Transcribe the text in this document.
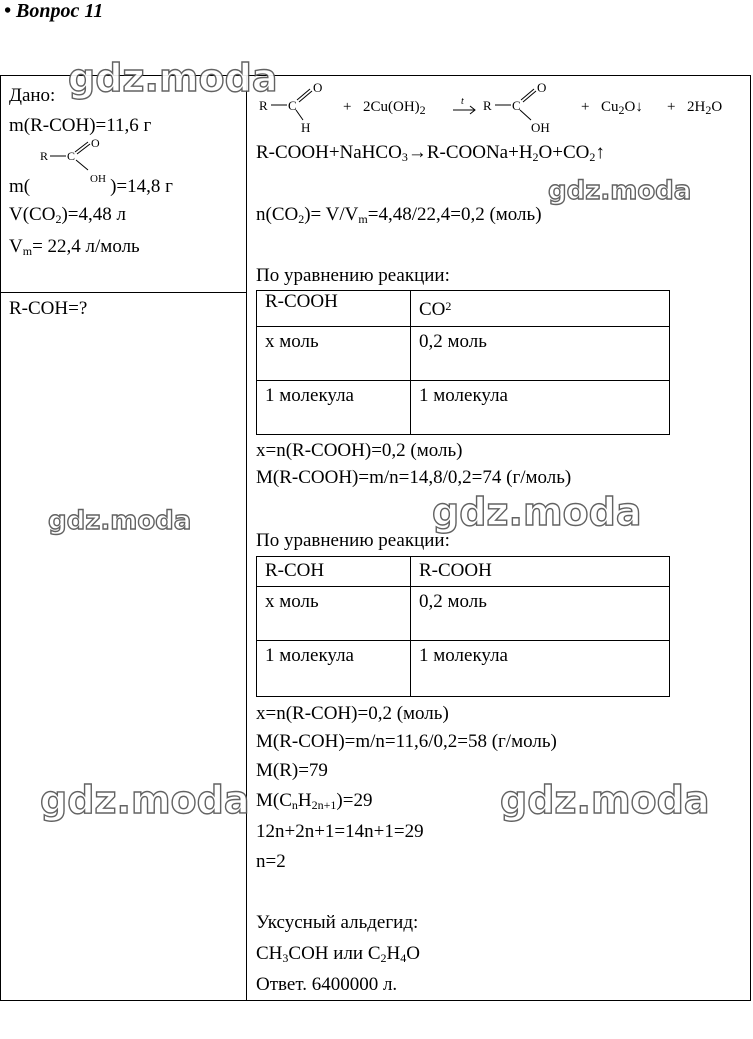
• Вопрос 11
Дано:
m(R-COH)=11,6 г
m(	)=14,8 г
R C
O
OH
$V(CO_2)=4,48$ л
$V_m= 22,4$ л/моль
R-COH=?
R C
O
H
+ $2Cu(OH)_2$
t R C
O
OH
+ $Cu_2O↓ + 2H_2O$
$R-COOH+NaHCO_3\to R-COONa+H_2O+CO_2↑$
$n(CO_2)= V/V_m=4,48/22,4=0,2$ (моль)
По уравнению реакции:
R-COOH	$CO^2$
x моль	0,2 моль
1 молекула	1 молекула
x=n(R-COOH)=0,2 (моль)
M(R-COOH)=m/n=14,8/0,2=74 (г/моль)
По уравнению реакции:
R-COH	R-COOH
x моль	0,2 моль
1 молекула	1 молекула
x=n(R-COH)=0,2 (моль)
M(R-COH)=m/n=11,6/0,2=58 (г/моль)
M(R)=79
$M(C_nH_{2n+1})=29$
12n+2n+1=14n+1=29
n=2
Уксусный альдегид:
$CH_3COH$ или $C_2H_4O$
Ответ. 6400000 л.
gdz.moda
gdz.moda
gdz.moda	gdz.moda
gdz.moda	gdz.moda
